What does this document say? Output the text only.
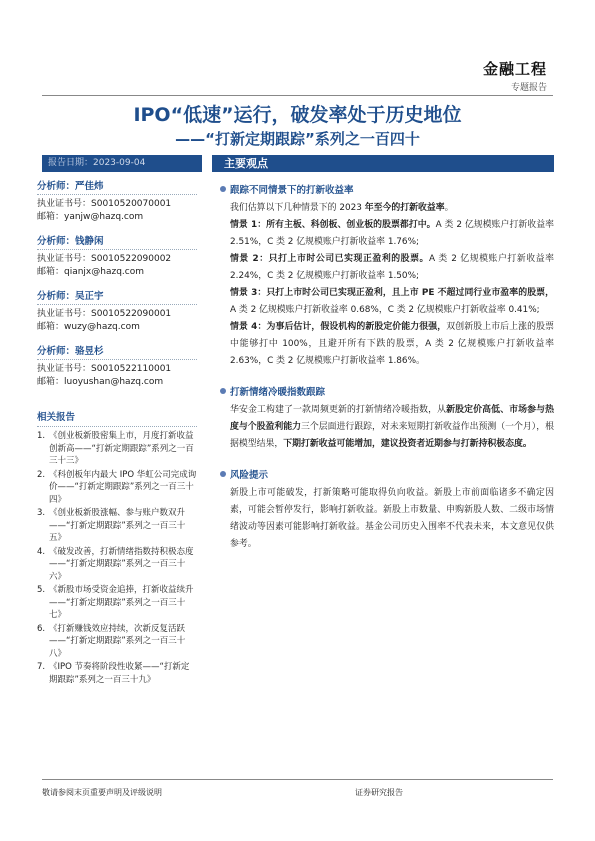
金融工程
专题报告
IPO“低速”运行，破发率处于历史地位
——“打新定期跟踪”系列之一百四十
报告日期：2023-09-04	主要观点
分析师：严佳炜
执业证书号：S0010520070001
邮箱：yanjw@hazq.com
分析师：钱静闲
执业证书号：S0010522090002
邮箱：qianjx@hazq.com
分析师：吴正宇
执业证书号：S0010522090001
邮箱：wuzy@hazq.com
分析师：骆昱杉
执业证书号：S0010522110001
邮箱：luoyushan@hazq.com
相关报告
1. 《创业板新股密集上市，月度打新收益创新高——“打新定期跟踪”系列之一百三十三》
2. 《科创板年内最大 IPO 华虹公司完成询价——“打新定期跟踪”系列之一百三十四》
3. 《创业板新股涨幅、参与账户数双升——“打新定期跟踪”系列之一百三十五》
4. 《破发改善，打新情绪指数持积极态度——“打新定期跟踪”系列之一百三十六》
5. 《新股市场受资金追捧，打新收益续升——“打新定期跟踪”系列之一百三十七》
6. 《打新赚钱效应持续，次新反复活跃——“打新定期跟踪”系列之一百三十八》
7. 《IPO 节奏将阶段性收紧——“打新定期跟踪”系列之一百三十九》
跟踪不同情景下的打新收益率

我们估算以下几种情景下的 2023 年至今的打新收益率。

情景 1：所有主板、科创板、创业板的股票都打中。A 类 2 亿规模账户打新收益率 2.51%，C 类 2 亿规模账户打新收益率 1.76%;

情景 2：只打上市时公司已实现正盈利的股票。A 类 2 亿规模账户打新收益率 2.24%，C 类 2 亿规模账户打新收益率 1.50%;

情景 3：只打上市时公司已实现正盈利，且上市 PE 不超过同行业市盈率的股票，A 类 2 亿规模账户打新收益率 0.68%，C 类 2 亿规模账户打新收益率 0.41%;

情景 4：为事后估计，假设机构的新股定价能力很强，双创新股上市后上涨的股票中能够打中 100%，且避开所有下跌的股票，A 类 2 亿规模账户打新收益率 2.63%，C 类 2 亿规模账户打新收益率 1.86%。

打新情绪冷暖指数跟踪

华安金工构建了一款周频更新的打新情绪冷暖指数，从新股定价高低、市场参与热度与个股盈利能力三个层面进行跟踪，对未来短期打新收益作出预测（一个月），根据模型结果，下期打新收益可能增加，建议投资者近期参与打新持积极态度。

风险提示

新股上市可能破发，打新策略可能取得负向收益。新股上市前面临诸多不确定因素，可能会暂停发行，影响打新收益。新股上市数量、申购新股人数、二级市场情绪波动等因素可能影响打新收益。基金公司历史入围率不代表未来，本文意见仅供参考。

敬请参阅末页重要声明及评级说明	证券研究报告
